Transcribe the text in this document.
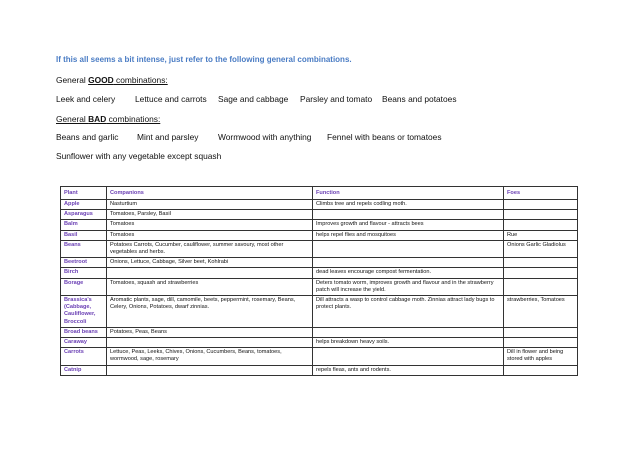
If this all seems a bit intense, just refer to the following general combinations.
General GOOD combinations:
Leek and celery Lettuce and carrots Sage and cabbage Parsley and tomato Beans and potatoes
General BAD combinations:
Beans and garlic Mint and parsley Wormwood with anything Fennel with beans or tomatoes
Sunflower with any vegetable except squash
Plant	Companions	Function	Foes
Apple	Nasturtium	Climbs tree and repels codling moth.	
Asparagus	Tomatoes, Parsley, Basil		
Balm	Tomatoes	Improves growth and flavour - attracts bees	
Basil	Tomatoes	helps repel flies and mosquitoes	Rue
Beans	Potatoes Carrots, Cucumber, cauliflower, summer savoury, most other vegetables and herbs.		Onions Garlic Gladiolus
Beetroot	Onions, Lettuce, Cabbage, Silver beet, Kohlrabi		
Birch		dead leaves encourage compost fermentation.	
Borage	Tomatoes, squash and strawberries	Deters tomato worm, improves growth and flavour and in the strawberry patch will increase the yield.	
Brassica's (Cabbage, Cauliflower, Broccoli	Aromatic plants, sage, dill, camomile, beets, peppermint, rosemary, Beans, Celery, Onions, Potatoes, dwarf zinnias.	Dill attracts a wasp to control cabbage moth. Zinnias attract lady bugs to protect plants.	strawberries, Tomatoes
Broad beans	Potatoes, Peas, Beans		
Caraway		helps breakdown heavy soils.	
Carrots	Lettuce, Peas, Leeks, Chives, Onions, Cucumbers, Beans, tomatoes, wormwood, sage, rosemary		Dill in flower and being stored with apples
Catnip		repels fleas, ants and rodents.	
